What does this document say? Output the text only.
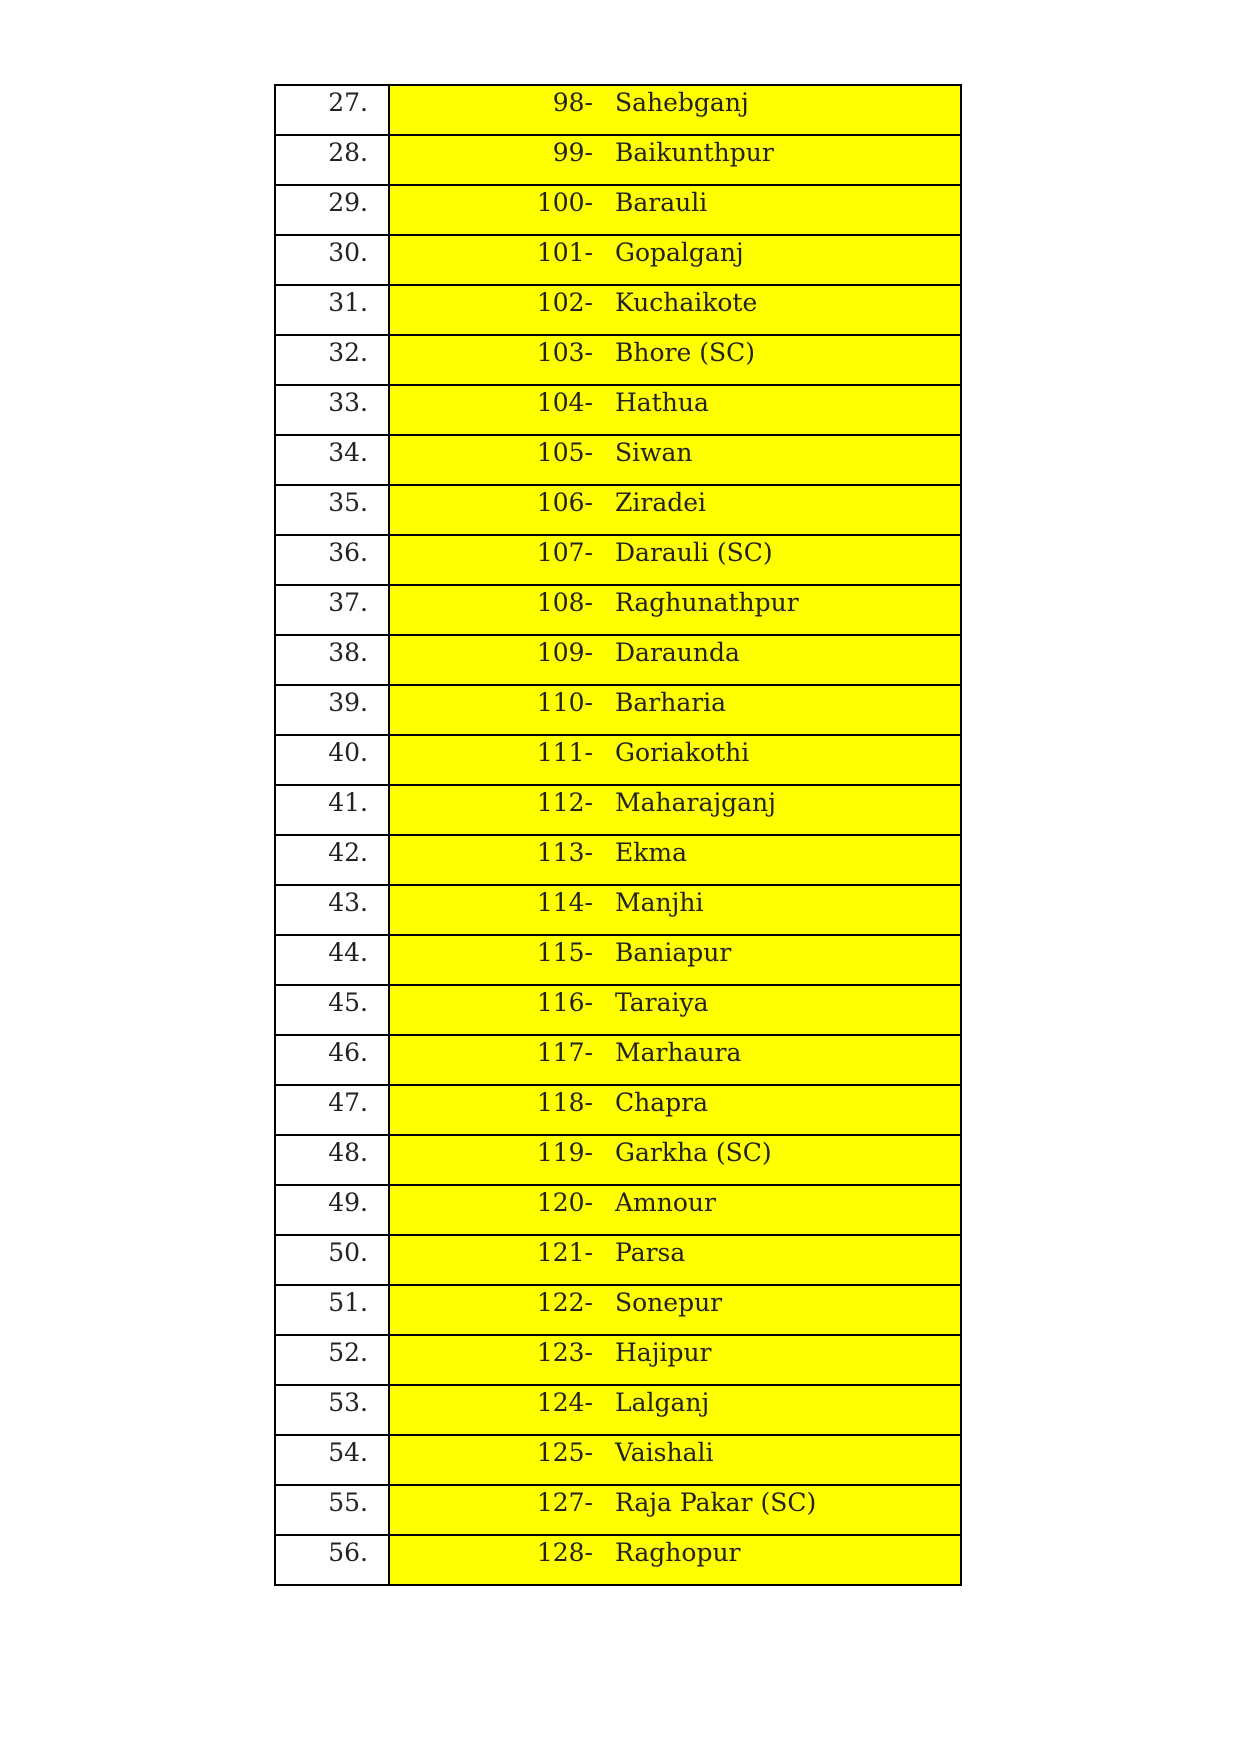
27.	98- Sahebganj

28.	99- Baikunthpur

29.	100- Barauli

30.	101- Gopalganj

31.	102- Kuchaikote

32.	103- Bhore (SC)

33.	104- Hathua

34.	105- Siwan

35.	106- Ziradei

36.	107- Darauli (SC)

37.	108- Raghunathpur

38.	109- Daraunda

39.	110- Barharia

40.	111- Goriakothi

41.	112- Maharajganj

42.	113- Ekma

43.	114- Manjhi

44.	115- Baniapur

45.	116- Taraiya

46.	117- Marhaura

47.	118- Chapra

48.	119- Garkha (SC)

49.	120- Amnour

50.	121- Parsa

51.	122- Sonepur

52.	123- Hajipur

53.	124- Lalganj

54.	125- Vaishali

55.	127- Raja Pakar (SC)

56.	128- Raghopur
